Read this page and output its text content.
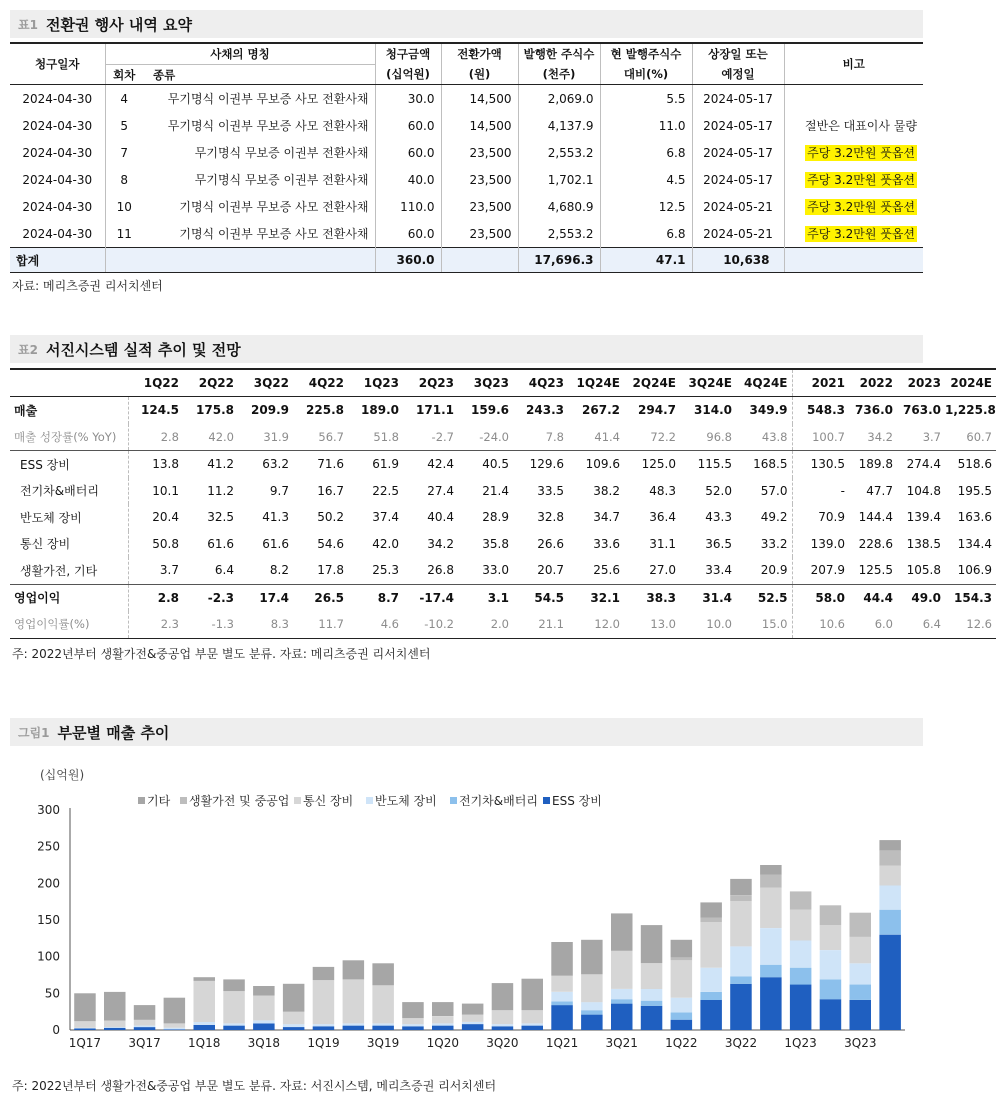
표1 전환권 행사 내역 요약
청구일자	사채의 명칭		청구금액	전환가액	발행한 주식수	현 발행주식수	상장일 또는	비고
	회차	종류	(십억원)	(원)	(천주)	대비(%)	예정일	
2024-04-30	4	무기명식 이권부 무보증 사모 전환사채	30.0	14,500	2,069.0	5.5	2024-05-17	
2024-04-30	5	무기명식 이권부 무보증 사모 전환사채	60.0	14,500	4,137.9	11.0	2024-05-17	절반은 대표이사 물량
2024-04-30	7	무기명식 무보증 이권부 전환사채	60.0	23,500	2,553.2	6.8	2024-05-17	주당 3.2만원 풋옵션
2024-04-30	8	무기명식 무보증 이권부 전환사채	40.0	23,500	1,702.1	4.5	2024-05-17	주당 3.2만원 풋옵션
2024-04-30	10	기명식 이권부 무보증 사모 전환사채	110.0	23,500	4,680.9	12.5	2024-05-21	주당 3.2만원 풋옵션
2024-04-30	11	기명식 이권부 무보증 사모 전환사채	60.0	23,500	2,553.2	6.8	2024-05-21	주당 3.2만원 풋옵션
합계			360.0		17,696.3	47.1	10,638	
자료: 메리츠증권 리서치센터
표2 서진시스템 실적 추이 및 전망
	1Q22	2Q22	3Q22	4Q22	1Q23	2Q23	3Q23	4Q23	1Q24E	2Q24E	3Q24E	4Q24E	2021	2022	2023	2024E
매출	124.5	175.8	209.9	225.8	189.0	171.1	159.6	243.3	267.2	294.7	314.0	349.9	548.3	736.0	763.0	1,225.8
매출 성장률(% YoY)	2.8	42.0	31.9	56.7	51.8	-2.7	-24.0	7.8	41.4	72.2	96.8	43.8	100.7	34.2	3.7	60.7
ESS 장비	13.8	41.2	63.2	71.6	61.9	42.4	40.5	129.6	109.6	125.0	115.5	168.5	130.5	189.8	274.4	518.6
전기차&배터리	10.1	11.2	9.7	16.7	22.5	27.4	21.4	33.5	38.2	48.3	52.0	57.0	-	47.7	104.8	195.5
반도체 장비	20.4	32.5	41.3	50.2	37.4	40.4	28.9	32.8	34.7	36.4	43.3	49.2	70.9	144.4	139.4	163.6
통신 장비	50.8	61.6	61.6	54.6	42.0	34.2	35.8	26.6	33.6	31.1	36.5	33.2	139.0	228.6	138.5	134.4
생활가전, 기타	3.7	6.4	8.2	17.8	25.3	26.8	33.0	20.7	25.6	27.0	33.4	20.9	207.9	125.5	105.8	106.9
영업이익	2.8	-2.3	17.4	26.5	8.7	-17.4	3.1	54.5	32.1	38.3	31.4	52.5	58.0	44.4	49.0	154.3
영업이익률(%)	2.3	-1.3	8.3	11.7	4.6	-10.2	2.0	21.1	12.0	13.0	10.0	15.0	10.6	6.0	6.4	12.6
주: 2022년부터 생활가전&중공업 부문 별도 분류. 자료: 메리츠증권 리서치센터
그림1 부문별 매출 추이
(십억원)
0
50
100
150
200
250
300
1Q17 3Q17 1Q18 3Q18 1Q19 3Q19 1Q20 3Q20 1Q21 3Q21 1Q22 3Q22 1Q23 3Q23
기타 생활가전 및 중공업 통신 장비 반도체 장비 전기차&배터리 ESS 장비
주: 2022년부터 생활가전&중공업 부문 별도 분류. 자료: 서진시스템, 메리츠증권 리서치센터
